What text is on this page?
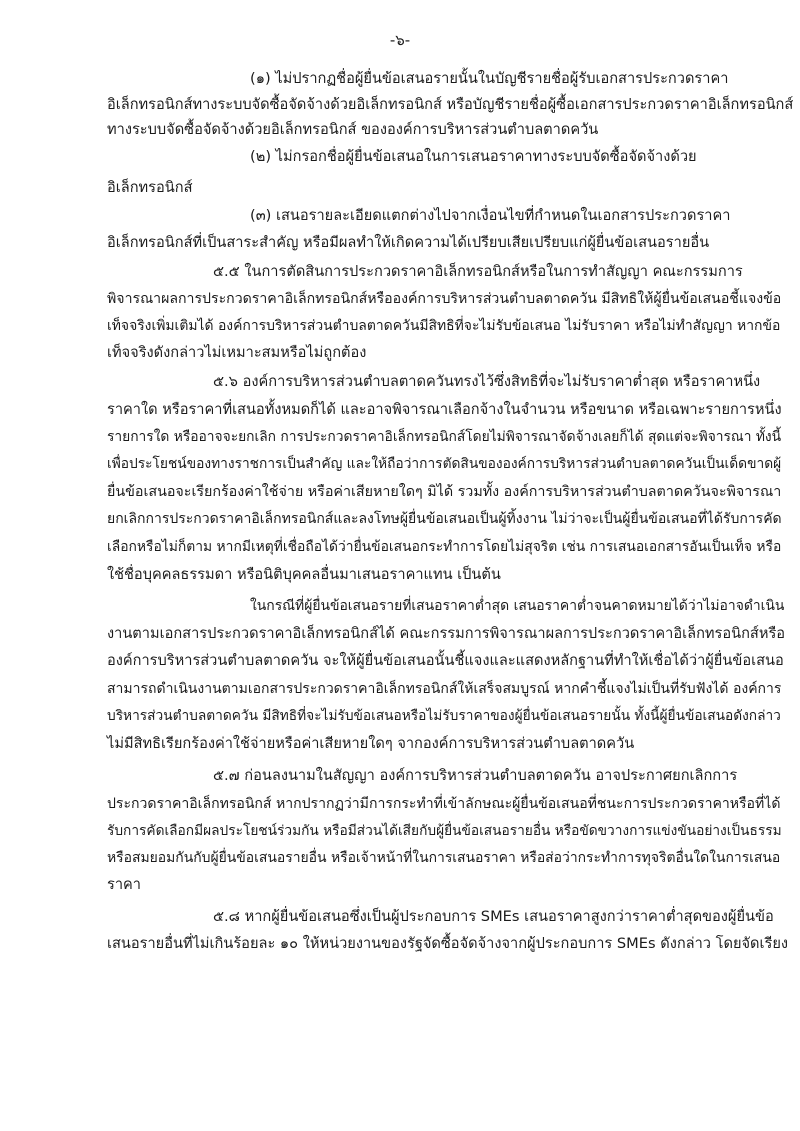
-๖-

(๑) ไม่ปรากฏชื่อผู้ยื่นข้อเสนอรายนั้นในบัญชีรายชื่อผู้รับเอกสารประกวดราคา

อิเล็กทรอนิกส์ทางระบบจัดซื้อจัดจ้างด้วยอิเล็กทรอนิกส์ หรือบัญชีรายชื่อผู้ซื้อเอกสารประกวดราคาอิเล็กทรอนิกส์

ทางระบบจัดซื้อจัดจ้างด้วยอิเล็กทรอนิกส์ ขององค์การบริหารส่วนตำบลตาดควัน

(๒) ไม่กรอกชื่อผู้ยื่นข้อเสนอในการเสนอราคาทางระบบจัดซื้อจัดจ้างด้วย

อิเล็กทรอนิกส์

(๓) เสนอรายละเอียดแตกต่างไปจากเงื่อนไขที่กำหนดในเอกสารประกวดราคา

อิเล็กทรอนิกส์ที่เป็นสาระสำคัญ หรือมีผลทำให้เกิดความได้เปรียบเสียเปรียบแก่ผู้ยื่นข้อเสนอรายอื่น

๕.๕ ในการตัดสินการประกวดราคาอิเล็กทรอนิกส์หรือในการทำสัญญา คณะกรรมการ

พิจารณาผลการประกวดราคาอิเล็กทรอนิกส์หรือองค์การบริหารส่วนตำบลตาดควัน มีสิทธิให้ผู้ยื่นข้อเสนอชี้แจงข้อ

เท็จจริงเพิ่มเติมได้ องค์การบริหารส่วนตำบลตาดควันมีสิทธิที่จะไม่รับข้อเสนอ ไม่รับราคา หรือไม่ทำสัญญา หากข้อ

เท็จจริงดังกล่าวไม่เหมาะสมหรือไม่ถูกต้อง

๕.๖ องค์การบริหารส่วนตำบลตาดควันทรงไว้ซึ่งสิทธิที่จะไม่รับราคาต่ำสุด หรือราคาหนึ่ง

ราคาใด หรือราคาที่เสนอทั้งหมดก็ได้ และอาจพิจารณาเลือกจ้างในจำนวน หรือขนาด หรือเฉพาะรายการหนึ่ง

รายการใด หรืออาจจะยกเลิก การประกวดราคาอิเล็กทรอนิกส์โดยไม่พิจารณาจัดจ้างเลยก็ได้ สุดแต่จะพิจารณา ทั้งนี้

เพื่อประโยชน์ของทางราชการเป็นสำคัญ และให้ถือว่าการตัดสินขององค์การบริหารส่วนตำบลตาดควันเป็นเด็ดขาดผู้

ยื่นข้อเสนอจะเรียกร้องค่าใช้จ่าย หรือค่าเสียหายใดๆ มิได้ รวมทั้ง องค์การบริหารส่วนตำบลตาดควันจะพิจารณา

ยกเลิกการประกวดราคาอิเล็กทรอนิกส์และลงโทษผู้ยื่นข้อเสนอเป็นผู้ทิ้งงาน ไม่ว่าจะเป็นผู้ยื่นข้อเสนอที่ได้รับการคัด

เลือกหรือไม่ก็ตาม หากมีเหตุที่เชื่อถือได้ว่ายื่นข้อเสนอกระทำการโดยไม่สุจริต เช่น การเสนอเอกสารอันเป็นเท็จ หรือ

ใช้ชื่อบุคคลธรรมดา หรือนิติบุคคลอื่นมาเสนอราคาแทน เป็นต้น

ในกรณีที่ผู้ยื่นข้อเสนอรายที่เสนอราคาต่ำสุด เสนอราคาต่ำจนคาดหมายได้ว่าไม่อาจดำเนิน

งานตามเอกสารประกวดราคาอิเล็กทรอนิกส์ได้ คณะกรรมการพิจารณาผลการประกวดราคาอิเล็กทรอนิกส์หรือ

องค์การบริหารส่วนตำบลตาดควัน จะให้ผู้ยื่นข้อเสนอนั้นชี้แจงและแสดงหลักฐานที่ทำให้เชื่อได้ว่าผู้ยื่นข้อเสนอ

สามารถดำเนินงานตามเอกสารประกวดราคาอิเล็กทรอนิกส์ให้เสร็จสมบูรณ์ หากคำชี้แจงไม่เป็นที่รับฟังได้ องค์การ

บริหารส่วนตำบลตาดควัน มีสิทธิที่จะไม่รับข้อเสนอหรือไม่รับราคาของผู้ยื่นข้อเสนอรายนั้น ทั้งนี้ผู้ยื่นข้อเสนอดังกล่าว

ไม่มีสิทธิเรียกร้องค่าใช้จ่ายหรือค่าเสียหายใดๆ จากองค์การบริหารส่วนตำบลตาดควัน

๕.๗ ก่อนลงนามในสัญญา องค์การบริหารส่วนตำบลตาดควัน อาจประกาศยกเลิกการ

ประกวดราคาอิเล็กทรอนิกส์ หากปรากฏว่ามีการกระทำที่เข้าลักษณะผู้ยื่นข้อเสนอที่ชนะการประกวดราคาหรือที่ได้

รับการคัดเลือกมีผลประโยชน์ร่วมกัน หรือมีส่วนได้เสียกับผู้ยื่นข้อเสนอรายอื่น หรือขัดขวางการแข่งขันอย่างเป็นธรรม

หรือสมยอมกันกับผู้ยื่นข้อเสนอรายอื่น หรือเจ้าหน้าที่ในการเสนอราคา หรือส่อว่ากระทำการทุจริตอื่นใดในการเสนอ

ราคา

๕.๘ หากผู้ยื่นข้อเสนอซึ่งเป็นผู้ประกอบการ SMEs เสนอราคาสูงกว่าราคาต่ำสุดของผู้ยื่นข้อ

เสนอรายอื่นที่ไม่เกินร้อยละ ๑๐ ให้หน่วยงานของรัฐจัดซื้อจัดจ้างจากผู้ประกอบการ SMEs ดังกล่าว โดยจัดเรียง
